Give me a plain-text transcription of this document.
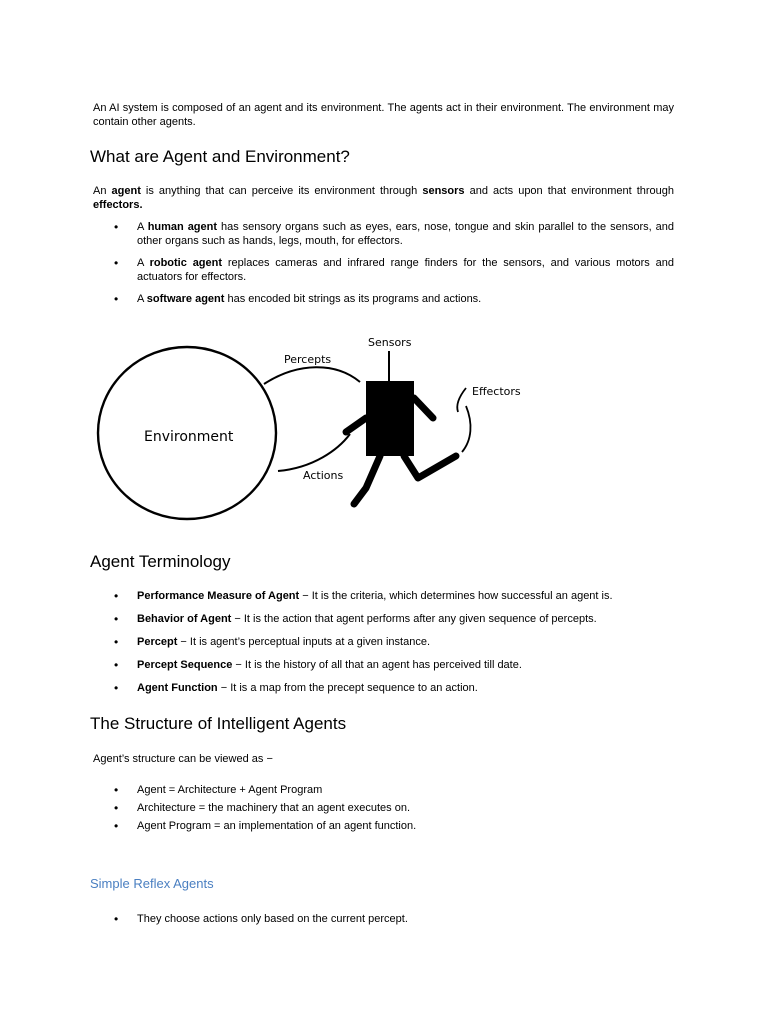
An AI system is composed of an agent and its environment. The agents act in their environment. The environment may contain other agents.

What are Agent and Environment?

An agent is anything that can perceive its environment through sensors and acts upon that environment through effectors.

• A human agent has sensory organs such as eyes, ears, nose, tongue and skin parallel to the sensors, and other organs such as hands, legs, mouth, for effectors.
• A robotic agent replaces cameras and infrared range finders for the sensors, and various motors and actuators for effectors.
• A software agent has encoded bit strings as its programs and actions.
Environment
Percepts
Actions
Sensors
Effectors
Agent Terminology
• Performance Measure of Agent − It is the criteria, which determines how successful an agent is.
• Behavior of Agent − It is the action that agent performs after any given sequence of percepts.
• Percept − It is agent’s perceptual inputs at a given instance.
• Percept Sequence − It is the history of all that an agent has perceived till date.
• Agent Function − It is a map from the precept sequence to an action.
The Structure of Intelligent Agents

Agent’s structure can be viewed as −

• Agent = Architecture + Agent Program
• Architecture = the machinery that an agent executes on.
• Agent Program = an implementation of an agent function.
Simple Reflex Agents
• They choose actions only based on the current percept.
